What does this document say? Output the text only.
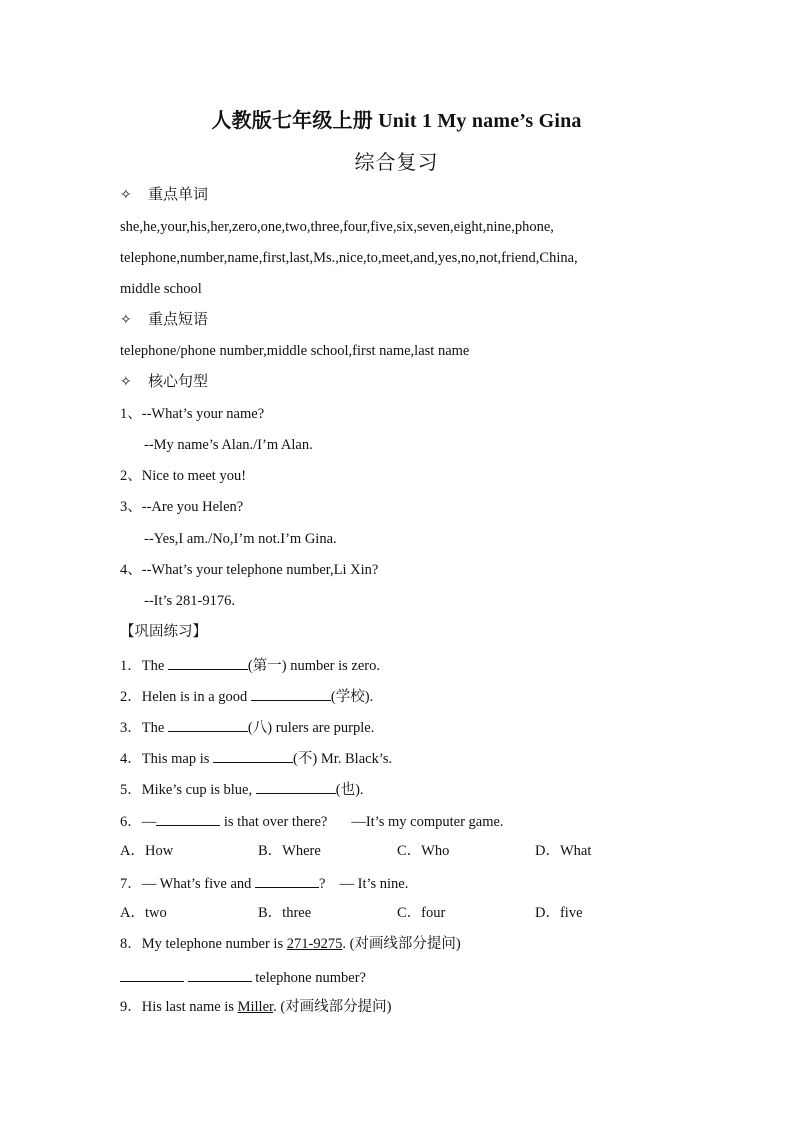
人教版七年级上册 Unit 1 My name’s Gina
综合复习
✧ 重点单词
she,he,your,his,her,zero,one,two,three,four,five,six,seven,eight,nine,phone,
telephone,number,name,first,last,Ms.,nice,to,meet,and,yes,no,not,friend,China,
middle school
✧ 重点短语
telephone/phone number,middle school,first name,last name
✧ 核心句型
1、--What’s your name?
--My name’s Alan./I’m Alan.
2、Nice to meet you!
3、--Are you Helen?
--Yes,I am./No,I’m not.I’m Gina.
4、--What’s your telephone number,Li Xin?
--It’s 281-9176.
【巩固练习】
1．The	(第一) number is zero.
2．Helen is in a good	(学校).
3．The	(八) rulers are purple.
4．This map is	(不) Mr. Black’s.
5．Mike’s cup is blue,	(也).
6．—	is that over there? —It’s my computer game.
A．How	B．Where	C．Who	D．What
7．— What’s five and	? — It’s nine.
A．two	B．three	C．four	D．five
8．My telephone number is 271-9275. (对画线部分提问)
telephone number?
9．His last name is Miller. (对画线部分提问)
